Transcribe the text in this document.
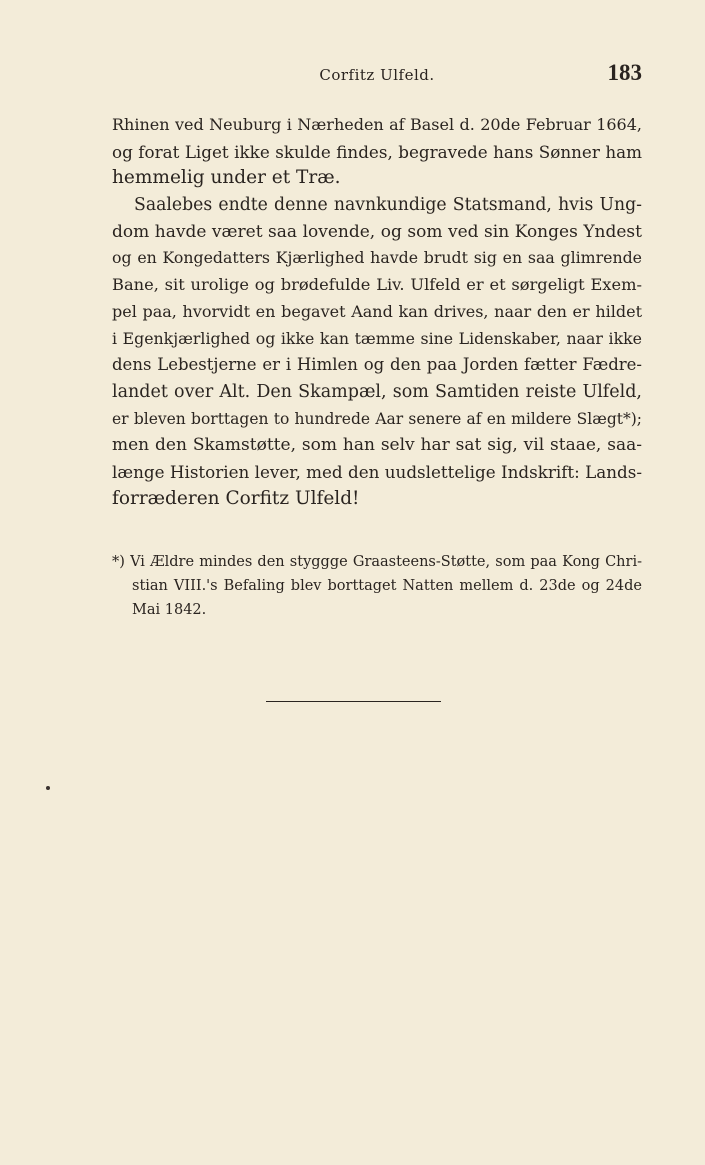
Corfitz Ulfeld.	183
Rhinen ved Neuburg i Nærheden af Basel d. 20de Februar 1664,
og forat Liget ikke skulde findes, begravede hans Sønner ham
hemmelig under et Træ.
Saalebes endte denne navnkundige Statsmand, hvis Ung-
dom havde været saa lovende, og som ved sin Konges Yndest
og en Kongedatters Kjærlighed havde brudt sig en saa glimrende
Bane, sit urolige og brødefulde Liv. Ulfeld er et sørgeligt Exem-
pel paa, hvorvidt en begavet Aand kan drives, naar den er hildet
i Egenkjærlighed og ikke kan tæmme sine Lidenskaber, naar ikke
dens Lebestjerne er i Himlen og den paa Jorden fætter Fædre-
landet over Alt. Den Skampæl, som Samtiden reiste Ulfeld,
er bleven borttagen to hundrede Aar senere af en mildere Slægt*);
men den Skamstøtte, som han selv har sat sig, vil staae, saa-
længe Historien lever, med den uudslettelige Indskrift: Lands-
forræderen Corfitz Ulfeld!
*) Vi Ældre mindes den styggge Graasteens-Støtte, som paa Kong Chri-
stian VIII.'s Befaling blev borttaget Natten mellem d. 23de og 24de
Mai 1842.
